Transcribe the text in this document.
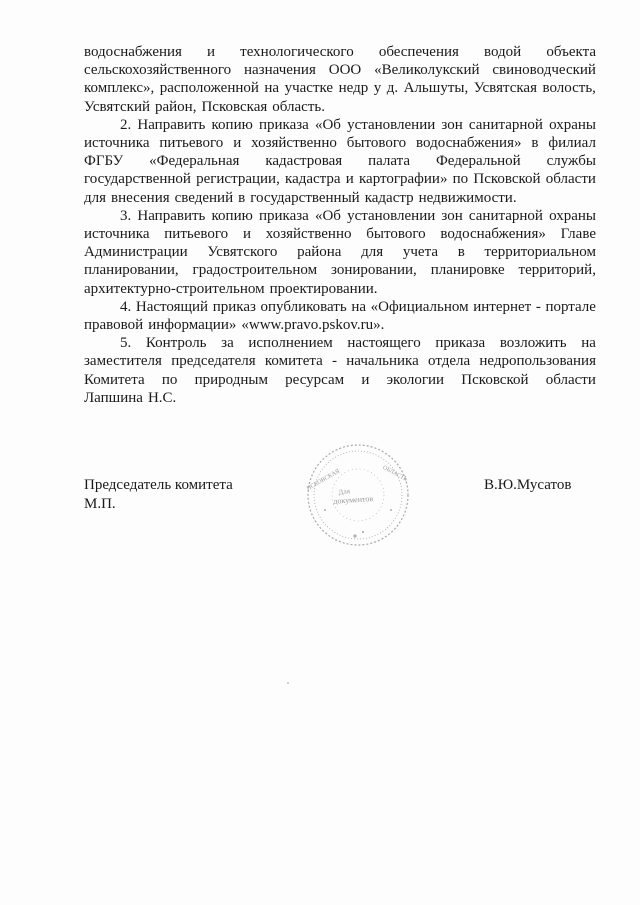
водоснабжения и технологического обеспечения водой объекта
сельскохозяйственного назначения ООО «Великолукский свиноводческий
комплекс», расположенной на участке недр у д. Альшуты, Усвятская волость,
Усвятский район, Псковская область.
2. Направить копию приказа «Об установлении зон санитарной охраны
источника питьевого и хозяйственно бытового водоснабжения» в филиал
ФГБУ «Федеральная кадастровая палата Федеральной службы
государственной регистрации, кадастра и картографии» по Псковской области
для внесения сведений в государственный кадастр недвижимости.
3. Направить копию приказа «Об установлении зон санитарной охраны
источника питьевого и хозяйственно бытового водоснабжения» Главе
Администрации Усвятского района для учета в территориальном
планировании, градостроительном зонировании, планировке территорий,
архитектурно-строительном проектировании.
4. Настоящий приказ опубликовать на «Официальном интернет - портале
правовой информации» «www.pravo.pskov.ru».
5. Контроль за исполнением настоящего приказа возложить на
заместителя председателя комитета - начальника отдела недропользования
Комитета по природным ресурсам и экологии Псковской области
Лапшина Н.С.
Для
документов
ПСКОВСКАЯ	ОБЛАСТЬ
Председатель комитета
М.П.
В.Ю.Мусатов
